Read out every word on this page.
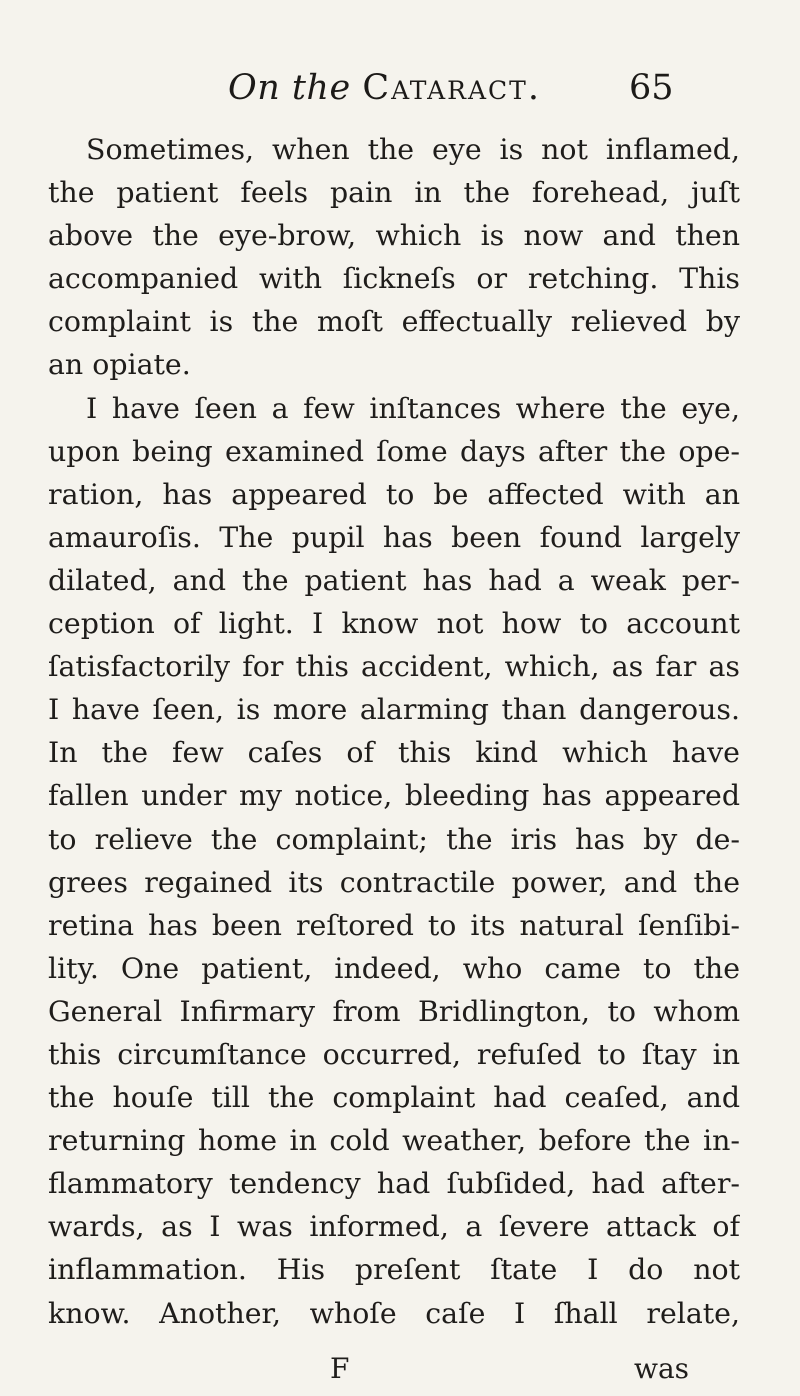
On the Cataract.	65
Sometimes, when the eye is not inflamed,
the patient feels pain in the forehead, juſt
above the eye-brow, which is now and then
accompanied with ſickneſs or retching. This
complaint is the moſt effectually relieved by
an opiate.
I have ſeen a few inſtances where the eye,
upon being examined ſome days after the ope-
ration, has appeared to be affected with an
amauroſis. The pupil has been found largely
dilated, and the patient has had a weak per-
ception of light. I know not how to account
ſatisfactorily for this accident, which, as far as
I have ſeen, is more alarming than dangerous.
In the few caſes of this kind which have
fallen under my notice, bleeding has appeared
to relieve the complaint; the iris has by de-
grees regained its contractile power, and the
retina has been reſtored to its natural ſenſibi-
lity. One patient, indeed, who came to the
General Infirmary from Bridlington, to whom
this circumſtance occurred, refuſed to ſtay in
the houſe till the complaint had ceaſed, and
returning home in cold weather, before the in-
flammatory tendency had ſubſided, had after-
wards, as I was informed, a ſevere attack of
inflammation. His preſent ſtate I do not
know. Another, whoſe caſe I ſhall relate,
F	was
